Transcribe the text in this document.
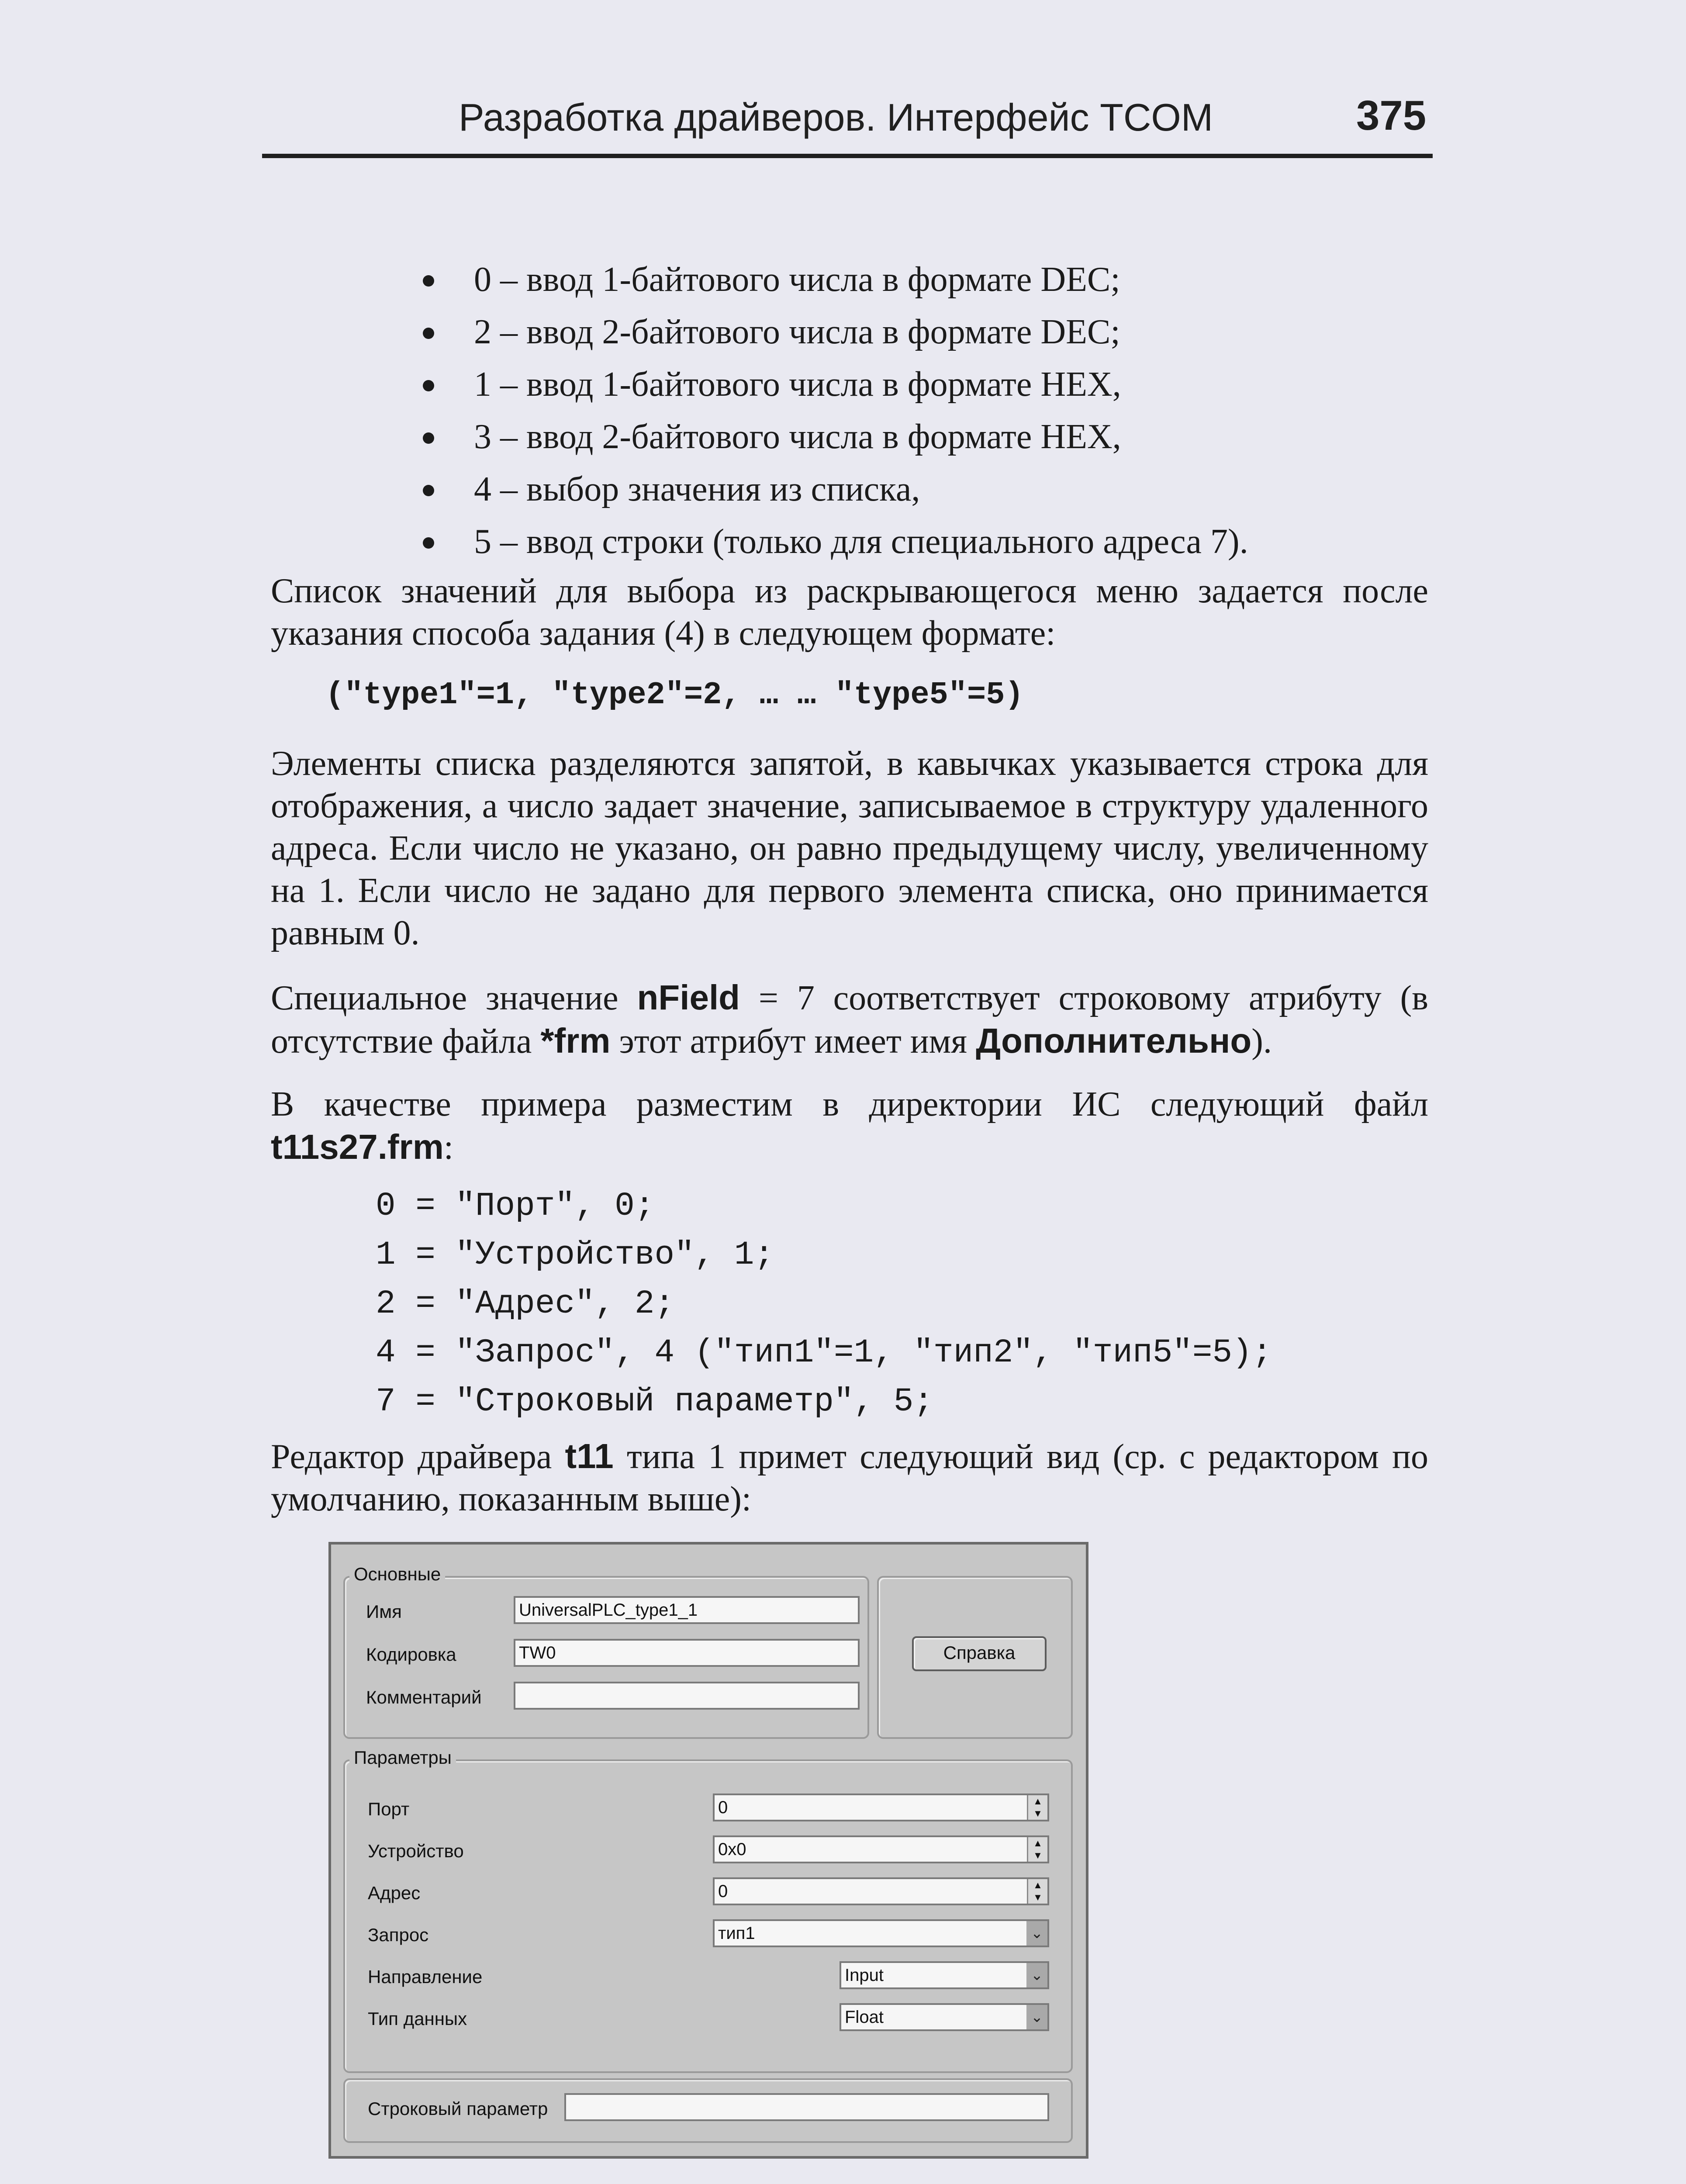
Разработка драйверов. Интерфейс TCOM	375
0 – ввод 1-байтового числа в формате DEC;
2 – ввод 2-байтового числа в формате DEC;
1 – ввод 1-байтового числа в формате HEX,
3 – ввод 2-байтового числа в формате HEX,
4 – выбор значения из списка,
5 – ввод строки (только для специального адреса 7).
Список значений для выбора из раскрывающегося меню задается после указания способа задания (4) в следующем формате:
("type1"=1, "type2"=2, … … "type5"=5)
Элементы списка разделяются запятой, в кавычках указывается строка для отображения, а число задает значение, записываемое в структуру удаленного адреса. Если число не указано, он равно предыдущему числу, увеличенному на 1. Если число не задано для первого элемента списка, оно принимается равным 0.
Специальное значение nField = 7 соответствует строковому атрибуту (в отсутствие файла *frm этот атрибут имеет имя Дополнительно).
В качестве примера разместим в директории ИС следующий файл t11s27.frm:
0 = "Порт", 0;
1 = "Устройство", 1;
2 = "Адрес", 2;
4 = "Запрос", 4 ("тип1"=1, "тип2", "тип5"=5);
7 = "Строковый параметр", 5;
Редактор драйвера t11 типа 1 примет следующий вид (ср. с редактором по умолчанию, показанным выше):
Основные
Имя	UniversalPLC_type1_1
Кодировка	TW0
Комментарий
Справка
Параметры
Порт	0	▲
▼
Устройство	0x0	▲
▼
Адрес	0	▲
▼
Запрос	тип1	⌄
Направление	Input	⌄
Тип данных	Float	⌄
Строковый параметр
